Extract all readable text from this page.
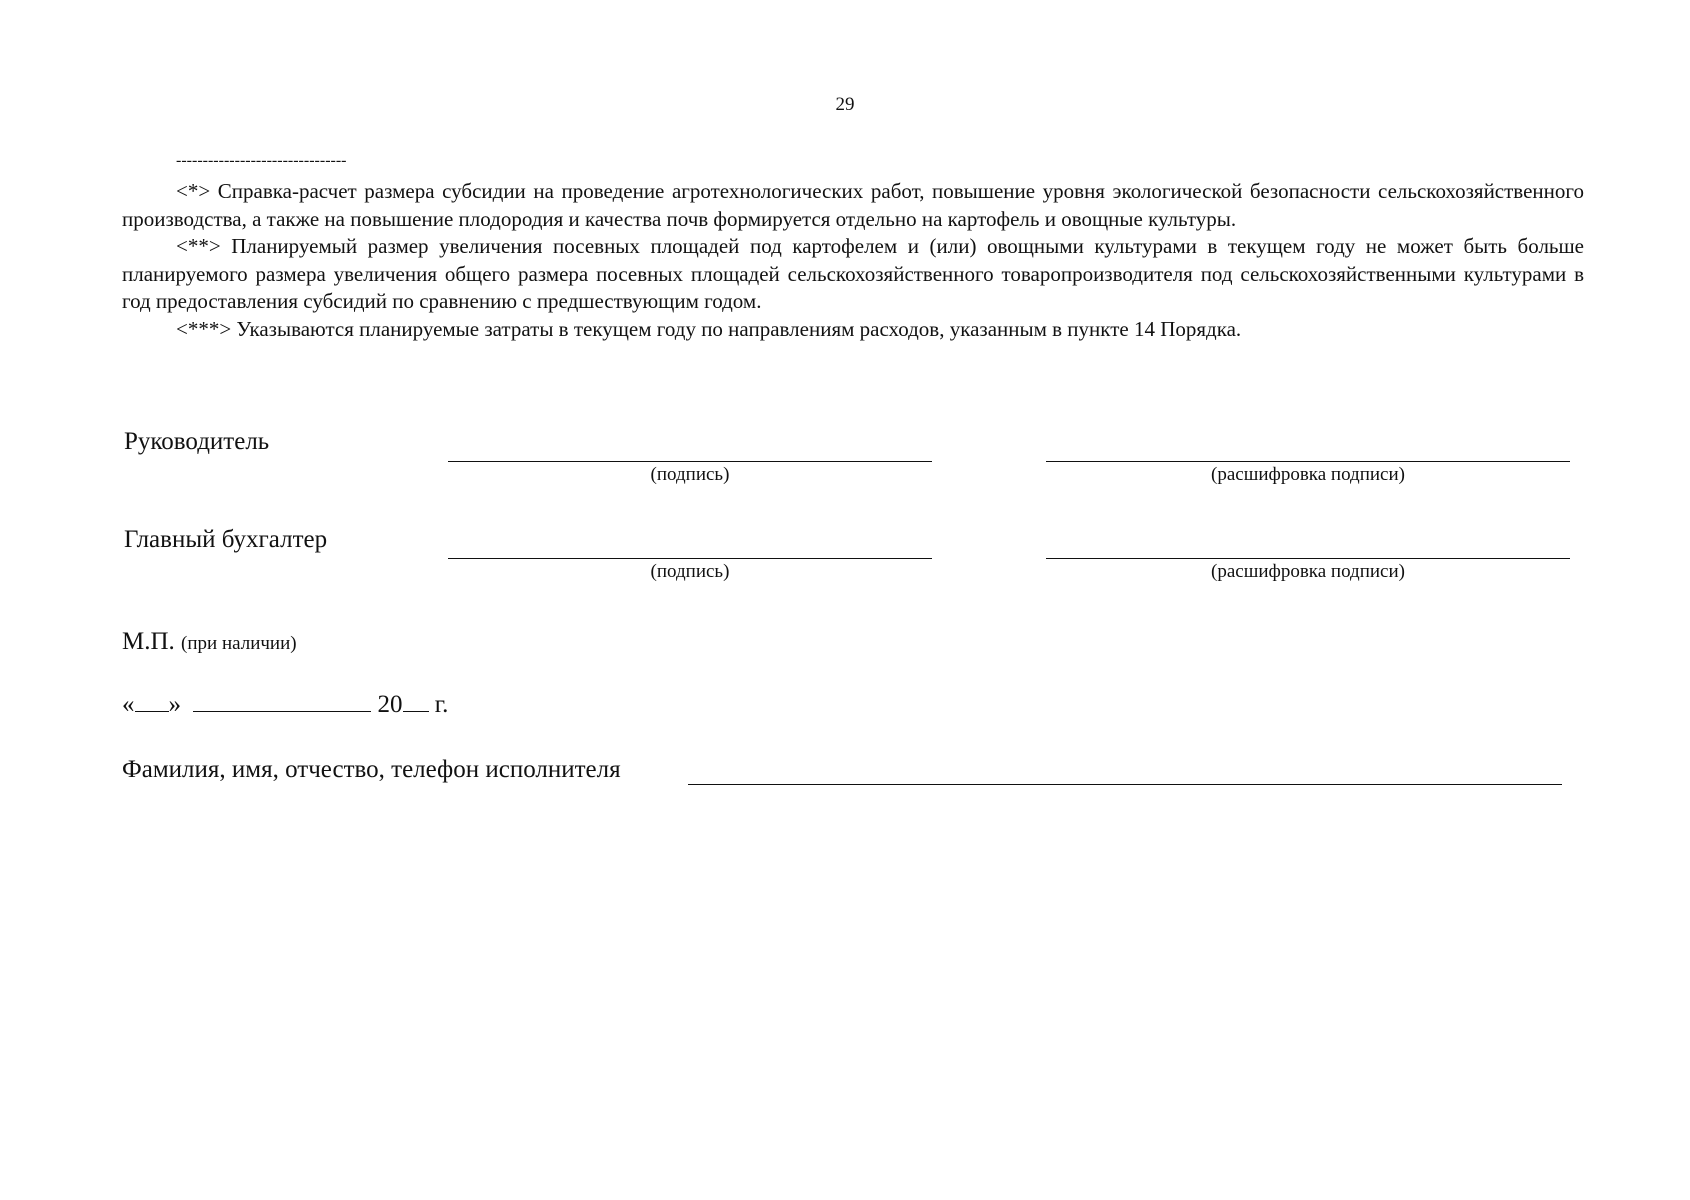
29
--------------------------------

<*> Справка-расчет размера субсидии на проведение агротехнологических работ, повышение уровня экологической безопасности сельскохозяйственного производства, а также на повышение плодородия и качества почв формируется отдельно на картофель и овощные культуры.

<**> Планируемый размер увеличения посевных площадей под картофелем и (или) овощными культурами в текущем году не может быть больше планируемого размера увеличения общего размера посевных площадей сельскохозяйственного товаропроизводителя под сельскохозяйственными культурами в год предоставления субсидий по сравнению с предшествующим годом.

<***> Указываются планируемые затраты в текущем году по направлениям расходов, указанным в пункте 14 Порядка.

Руководитель
(подпись)	(расшифровка подписи)
Главный бухгалтер
(подпись)	(расшифровка подписи)
М.П. (при наличии)
« »	20 г.
Фамилия, имя, отчество, телефон исполнителя
